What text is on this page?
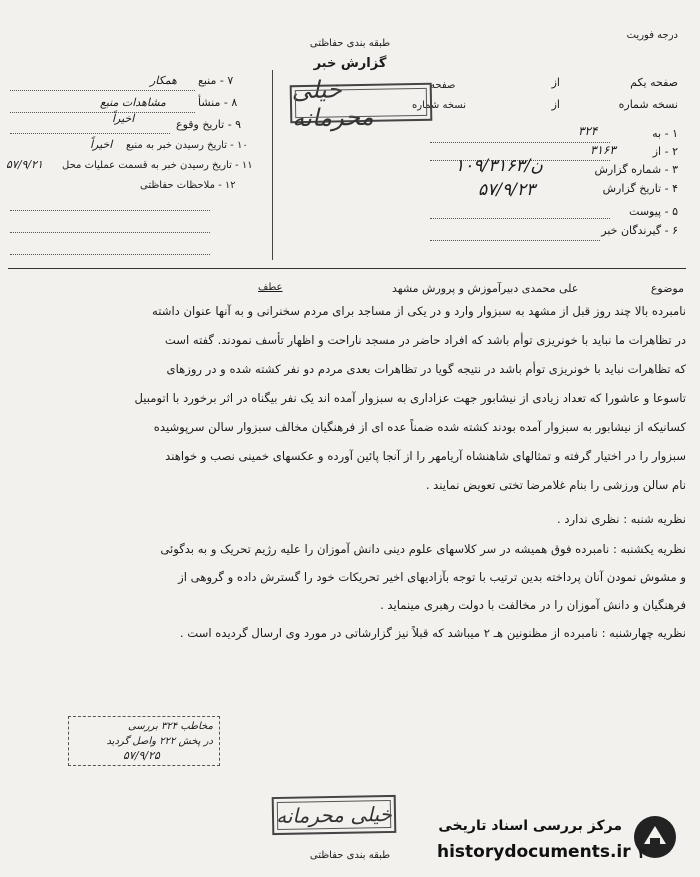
طبقه بندی حفاظتی
درجه فوریت
گزارش خبر
صفحه یکم
از
نسخه شماره
از
صفحه
نسخه شماره
خیلی محرمانه
۱ - به
۳۲۴
۲ - از
۳۱۶۳
۳ - شماره گزارش
۱۰۹/۳۱۶۳/ن
۴ - تاریخ گزارش
۵۷/۹/۲۳
۵ - پیوست
۶ - گیرندگان خبر
۷ - منبع
همکار
۸ - منشأ
مشاهدات منبع
۹ - تاریخ وقوع
اخیراً
۱۰ - تاریخ رسیدن خبر به منبع
اخیراً
۱۱ - تاریخ رسیدن خبر به قسمت عملیات محل
۵۷/۹/۲۱
۱۲ - ملاحظات حفاظتی
موضوع
علی محمدی دبیرآموزش و پرورش مشهد
عطف
نامبرده بالا چند روز قبل از مشهد به سبزوار وارد و در یکی از مساجد برای مردم سخنرانی و به آنها عنوان داشته
در تظاهرات ما نباید با خونریزی توأم باشد که افراد حاضر در مسجد ناراحت و اظهار تأسف نمودند. گفته است
که تظاهرات نباید با خونریزی توأم باشد در نتیجه گویا در تظاهرات بعدی مردم دو نفر کشته شده و در روزهای
تاسوعا و عاشورا که تعداد زیادی از نیشابور جهت عزاداری به سبزوار آمده اند یک نفر بیگناه در اثر برخورد با اتومبیل
کسانیکه از نیشابور به سبزوار آمده بودند کشته شده ضمناً عده ای از فرهنگیان مخالف سبزوار سالن سرپوشیده
سبزوار را در اختیار گرفته و تمثالهای شاهنشاه آریامهر را از آنجا پائین آورده و عکسهای خمینی نصب و خواهند
نام سالن ورزشی را بنام غلامرضا تختی تعویض نمایند .
نظریه شنبه : نظری ندارد .
نظریه یکشنبه : نامبرده فوق همیشه در سر کلاسهای علوم دینی دانش آموزان را علیه رژیم تحریک و به بدگوئی
و مشوش نمودن آنان پرداخته بدین ترتیب با توجه بآزادیهای اخیر تحریکات خود را گسترش داده و گروهی از
فرهنگیان و دانش آموزان را در مخالفت با دولت رهبری مینماید .
نظریه چهارشنبه : نامبرده از مظنونین هـ ۲ میباشد که قبلاً نیز گزارشاتی در مورد وی ارسال گردیده است .
مخاطب ۳۲۴ بررسی
در پخش ۲۲۲ واصل گردید
۵۷/۹/۲۵
خیلی محرمانه
طبقه بندی حفاظتی
مرکز بررسی اسناد تاریخی
historydocuments.ir ۳
